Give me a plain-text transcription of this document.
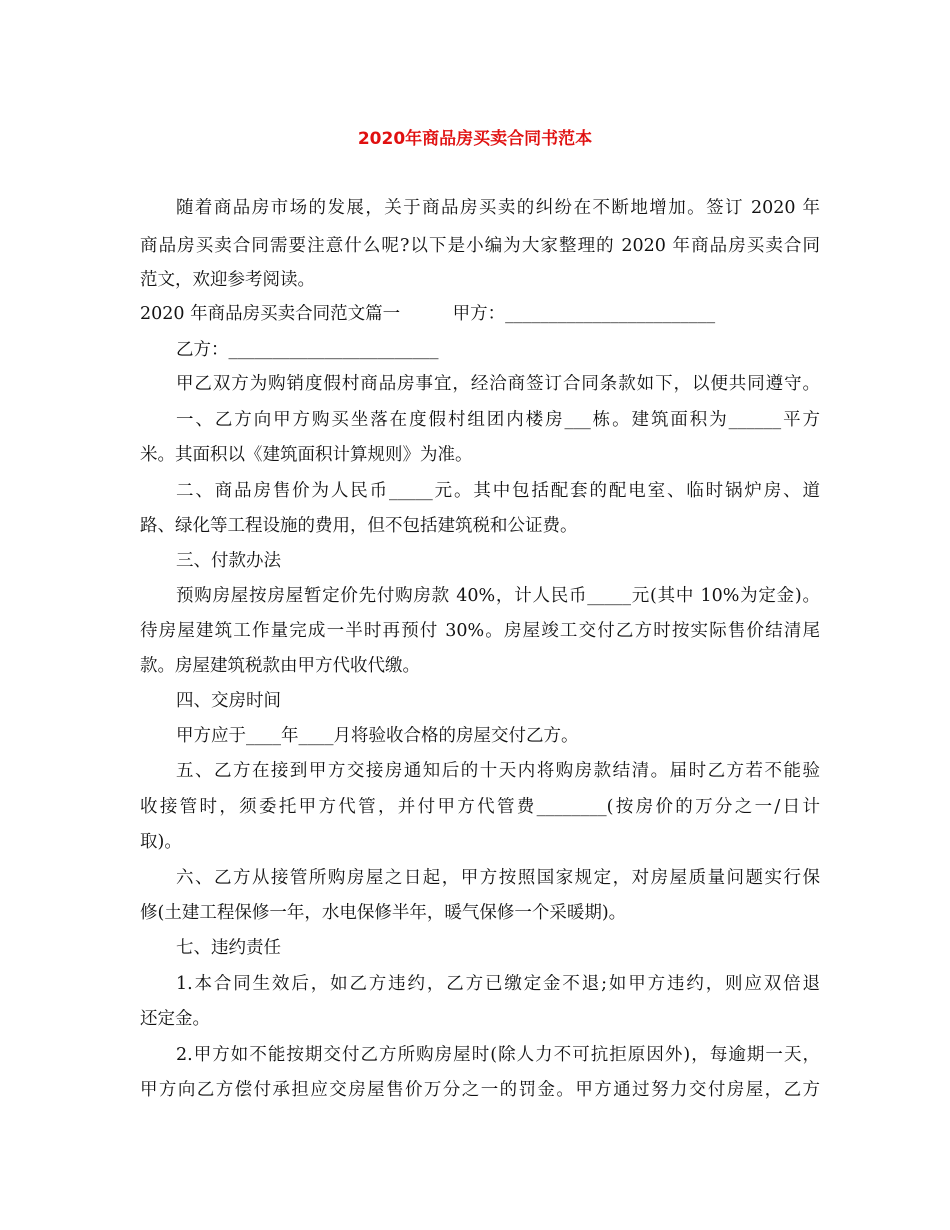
2020年商品房买卖合同书范本
随着商品房市场的发展，关于商品房买卖的纠纷在不断地增加。签订 2020 年
商品房买卖合同需要注意什么呢?以下是小编为大家整理的 2020 年商品房买卖合同
范文，欢迎参考阅读。
2020 年商品房买卖合同范文篇一　　　甲方：________________________
乙方：________________________
甲乙双方为购销度假村商品房事宜，经洽商签订合同条款如下，以便共同遵守。
一、乙方向甲方购买坐落在度假村组团内楼房___栋。建筑面积为______平方
米。其面积以《建筑面积计算规则》为准。
二、商品房售价为人民币_____元。其中包括配套的配电室、临时锅炉房、道
路、绿化等工程设施的费用，但不包括建筑税和公证费。
三、付款办法
预购房屋按房屋暂定价先付购房款 40%，计人民币_____元(其中 10%为定金)。
待房屋建筑工作量完成一半时再预付 30%。房屋竣工交付乙方时按实际售价结清尾
款。房屋建筑税款由甲方代收代缴。
四、交房时间
甲方应于____年____月将验收合格的房屋交付乙方。
五、乙方在接到甲方交接房通知后的十天内将购房款结清。届时乙方若不能验
收接管时，须委托甲方代管，并付甲方代管费________(按房价的万分之一/日计
取)。
六、乙方从接管所购房屋之日起，甲方按照国家规定，对房屋质量问题实行保
修(土建工程保修一年，水电保修半年，暖气保修一个采暖期)。
七、违约责任
1.本合同生效后，如乙方违约，乙方已缴定金不退;如甲方违约，则应双倍退
还定金。
2.甲方如不能按期交付乙方所购房屋时(除人力不可抗拒原因外)，每逾期一天，
甲方向乙方偿付承担应交房屋售价万分之一的罚金。甲方通过努力交付房屋，乙方
